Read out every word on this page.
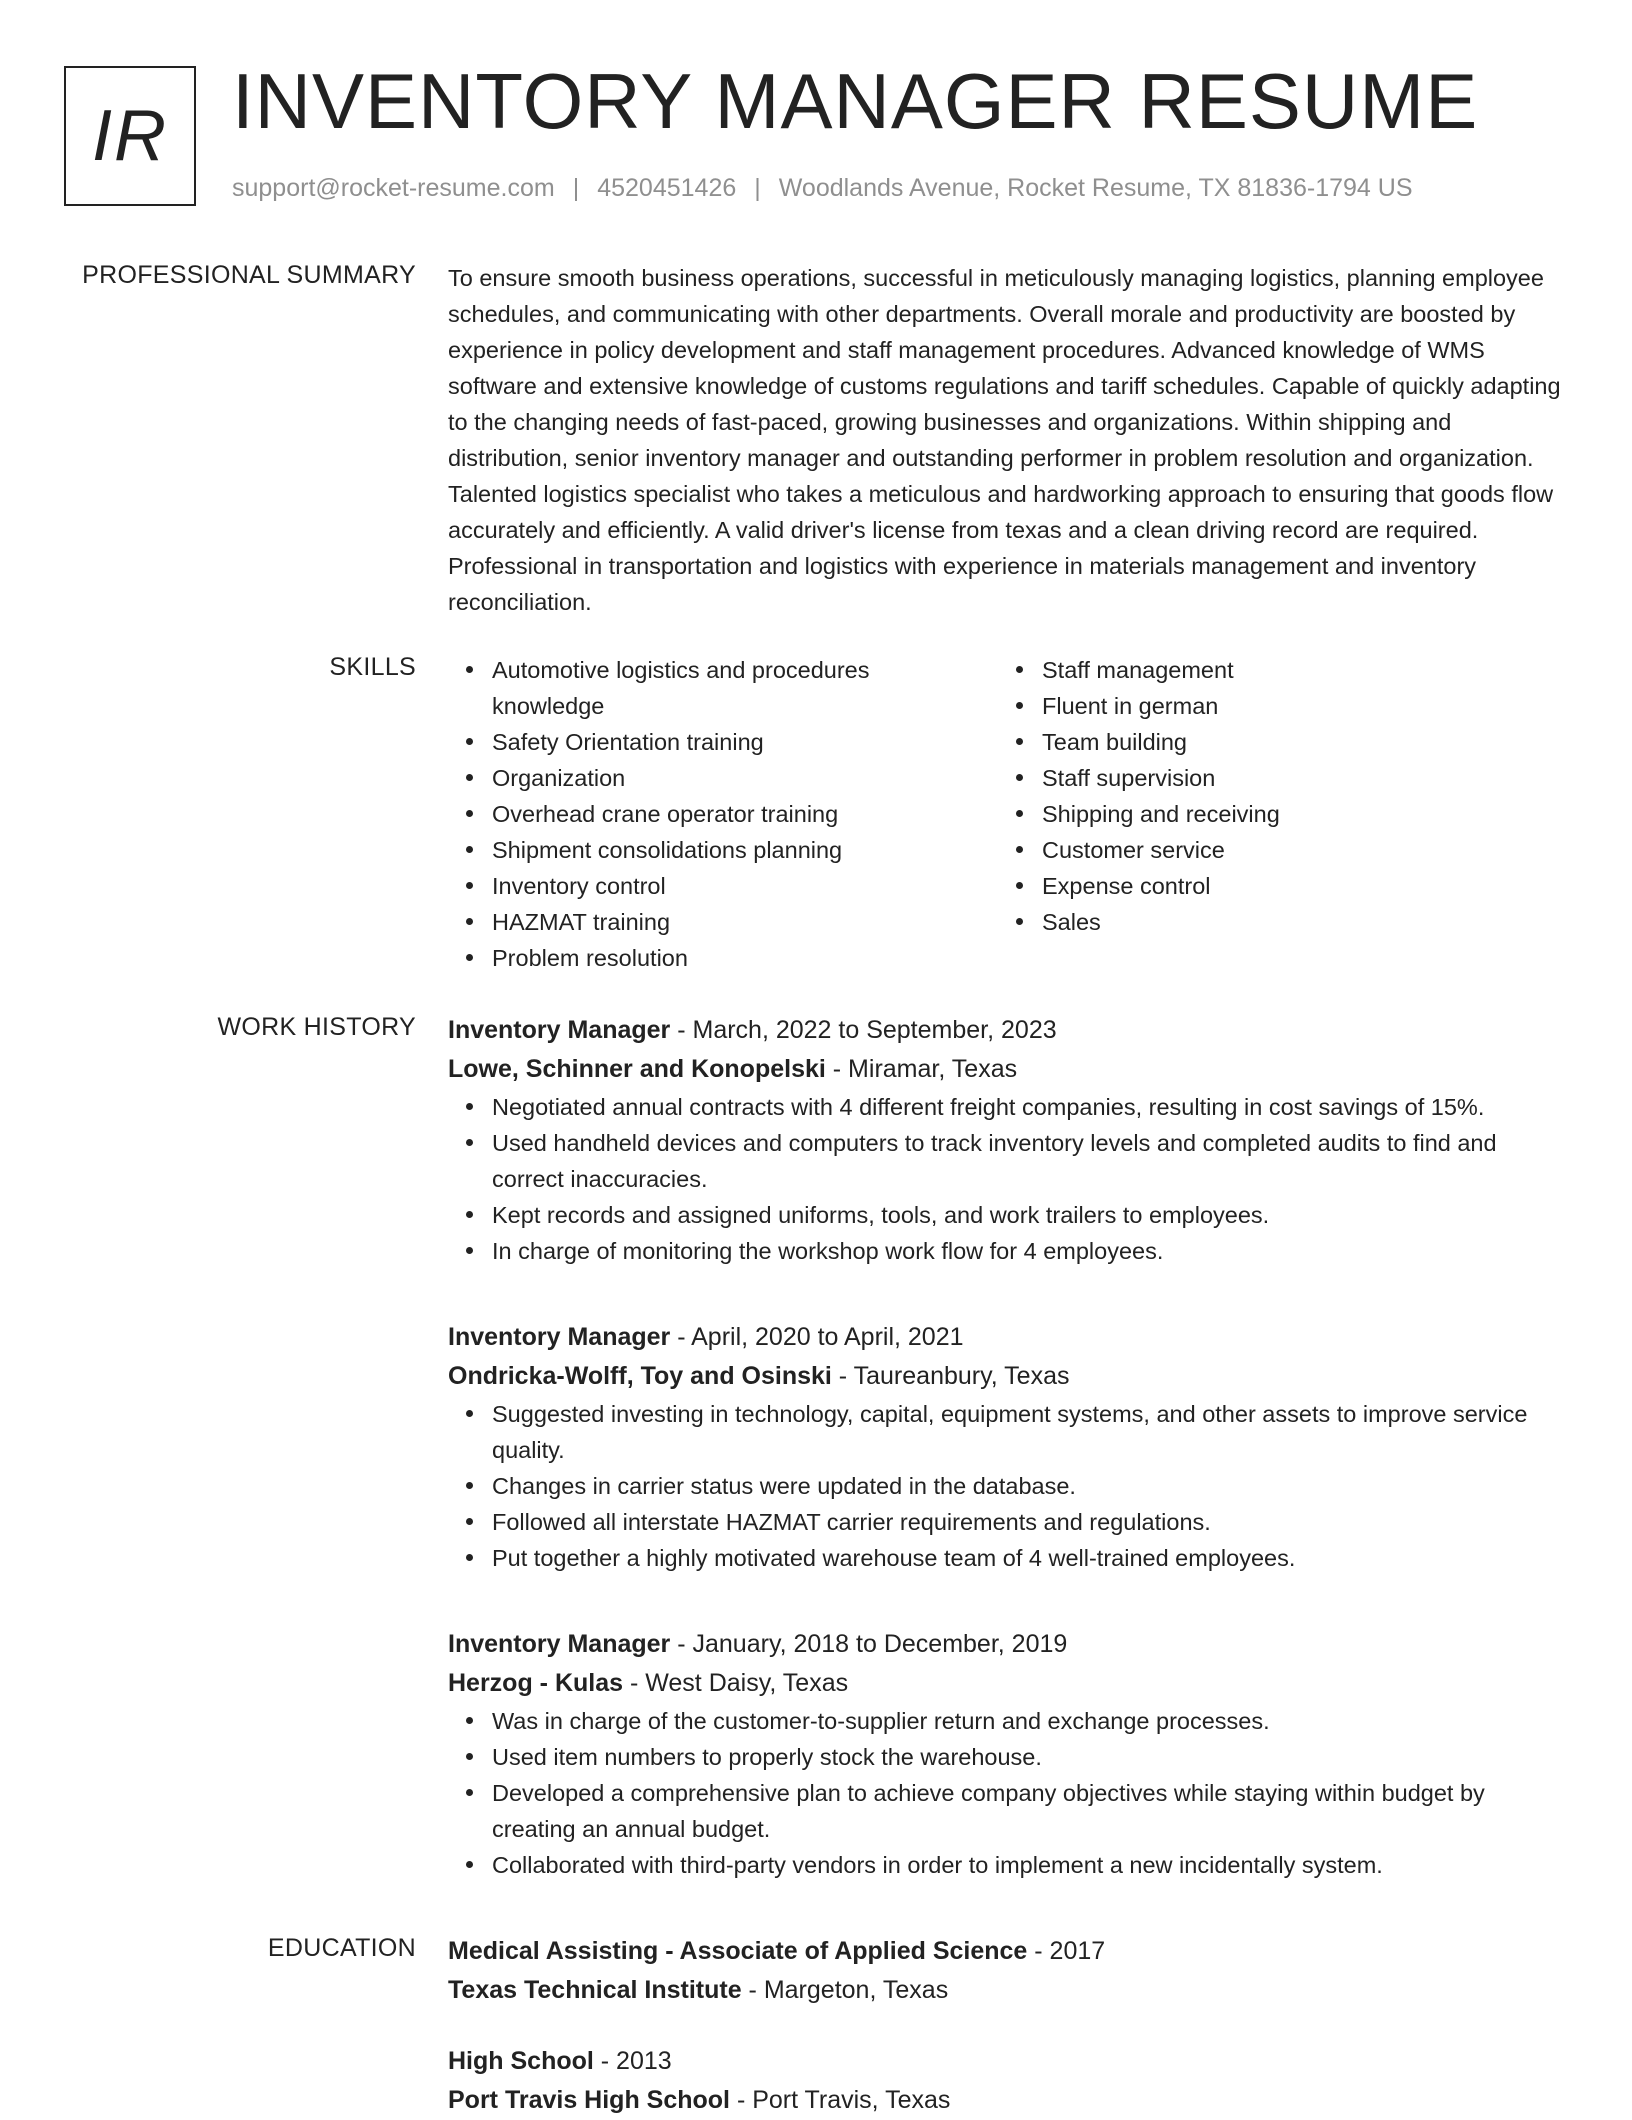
IR INVENTORY MANAGER RESUME
support@rocket-resume.com | 4520451426 | Woodlands Avenue, Rocket Resume, TX 81836-1794 US
PROFESSIONAL SUMMARY To ensure smooth business operations, successful in meticulously managing logistics, planning employee schedules, and communicating with other departments. Overall morale and productivity are boosted by experience in policy development and staff management procedures. Advanced knowledge of WMS software and extensive knowledge of customs regulations and tariff schedules. Capable of quickly adapting to the changing needs of fast-paced, growing businesses and organizations. Within shipping and distribution, senior inventory manager and outstanding performer in problem resolution and organization. Talented logistics specialist who takes a meticulous and hardworking approach to ensuring that goods flow accurately and efficiently. A valid driver's license from texas and a clean driving record are required. Professional in transportation and logistics with experience in materials management and inventory reconciliation.

SKILLS	Automotive logistics and procedures knowledge
Safety Orientation training
Organization
Overhead crane operator training
Shipment consolidations planning
Inventory control
HAZMAT training
Problem resolution
Staff management
Fluent in german
Team building
Staff supervision
Shipping and receiving
Customer service
Expense control
Sales
WORK HISTORY Inventory Manager - March, 2022 to September, 2023
Lowe, Schinner and Konopelski - Miramar, Texas
Negotiated annual contracts with 4 different freight companies, resulting in cost savings of 15%.
Used handheld devices and computers to track inventory levels and completed audits to find and correct inaccuracies.
Kept records and assigned uniforms, tools, and work trailers to employees.
In charge of monitoring the workshop work flow for 4 employees.
Inventory Manager - April, 2020 to April, 2021
Ondricka-Wolff, Toy and Osinski - Taureanbury, Texas
Suggested investing in technology, capital, equipment systems, and other assets to improve service quality.
Changes in carrier status were updated in the database.
Followed all interstate HAZMAT carrier requirements and regulations.
Put together a highly motivated warehouse team of 4 well-trained employees.
Inventory Manager - January, 2018 to December, 2019
Herzog - Kulas - West Daisy, Texas
Was in charge of the customer-to-supplier return and exchange processes.
Used item numbers to properly stock the warehouse.
Developed a comprehensive plan to achieve company objectives while staying within budget by creating an annual budget.
Collaborated with third-party vendors in order to implement a new incidentally system.
EDUCATION Medical Assisting - Associate of Applied Science - 2017
Texas Technical Institute - Margeton, Texas
High School - 2013
Port Travis High School - Port Travis, Texas
